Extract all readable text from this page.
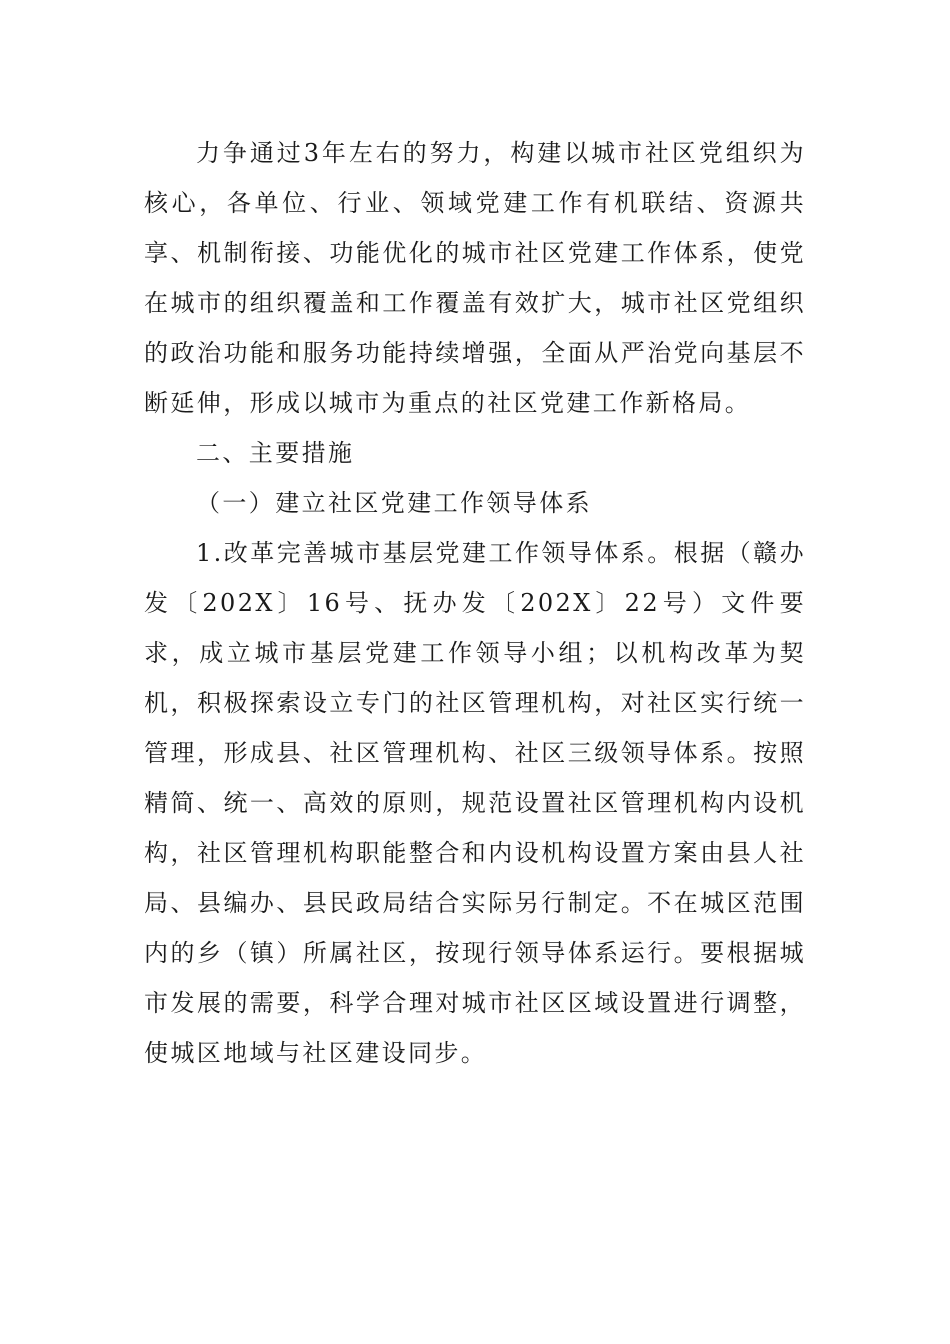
力争通过3年左右的努力，构建以城市社区党组织为核心，各单位、行业、领域党建工作有机联结、资源共享、机制衔接、功能优化的城市社区党建工作体系，使党在城市的组织覆盖和工作覆盖有效扩大，城市社区党组织的政治功能和服务功能持续增强，全面从严治党向基层不断延伸，形成以城市为重点的社区党建工作新格局。

二、主要措施

（一）建立社区党建工作领导体系

1.改革完善城市基层党建工作领导体系。根据（赣办发〔202X〕16号、抚办发〔202X〕22号）文件要求，成立城市基层党建工作领导小组；以机构改革为契机，积极探索设立专门的社区管理机构，对社区实行统一管理，形成县、社区管理机构、社区三级领导体系。按照精简、统一、高效的原则，规范设置社区管理机构内设机构，社区管理机构职能整合和内设机构设置方案由县人社局、县编办、县民政局结合实际另行制定。不在城区范围内的乡（镇）所属社区，按现行领导体系运行。要根据城市发展的需要，科学合理对城市社区区域设置进行调整，使城区地域与社区建设同步。
